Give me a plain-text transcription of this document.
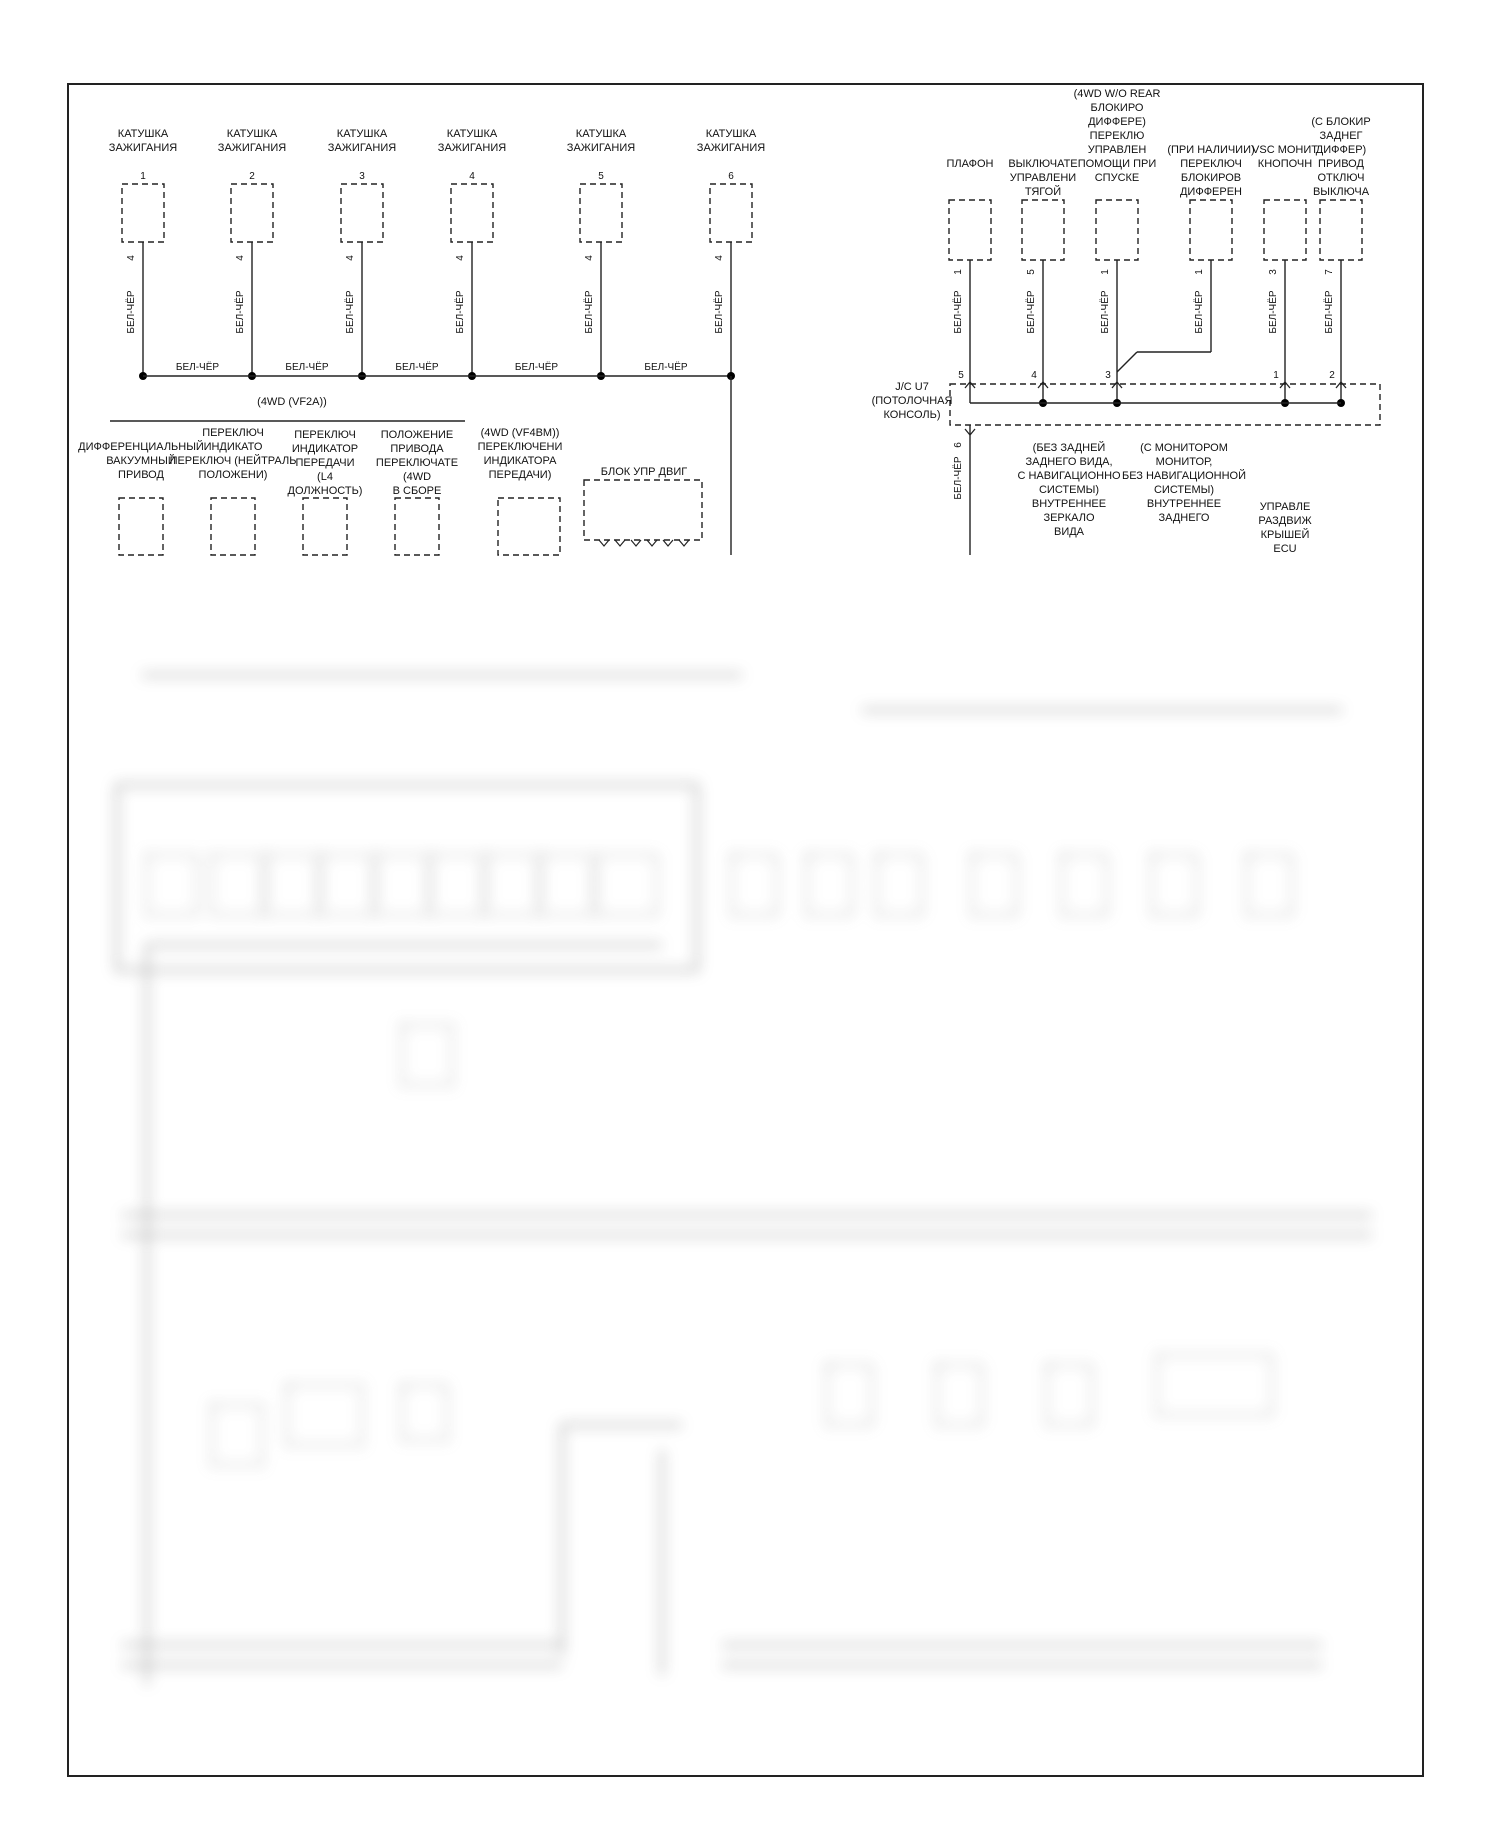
КАТУШКА
ЗАЖИГАНИЯ
1
4
БЕЛ-ЧЁР
КАТУШКА
ЗАЖИГАНИЯ
2
4
БЕЛ-ЧЁР
КАТУШКА
ЗАЖИГАНИЯ
3
4
БЕЛ-ЧЁР
КАТУШКА
ЗАЖИГАНИЯ
4
4
БЕЛ-ЧЁР
КАТУШКА
ЗАЖИГАНИЯ
5
4
БЕЛ-ЧЁР
КАТУШКА
ЗАЖИГАНИЯ
6
4
БЕЛ-ЧЁР
БЕЛ-ЧЁР	БЕЛ-ЧЁР	БЕЛ-ЧЁР	БЕЛ-ЧЁР	БЕЛ-ЧЁР
ПЛАФОН
1
БЕЛ-ЧЁР
5
ВЫКЛЮЧАТЕ
УПРАВЛЕНИ
ТЯГОЙ
5
БЕЛ-ЧЁР
4
(4WD W/O REAR
БЛОКИРО
ДИФФЕРЕ)
ПЕРЕКЛЮ
УПРАВЛЕН
ПОМОЩИ ПРИ
СПУСКЕ
1
БЕЛ-ЧЁР
3
(ПРИ НАЛИЧИИ)
ПЕРЕКЛЮЧ
БЛОКИРОВ
ДИФФЕРЕН
1
БЕЛ-ЧЁР
VSC МОНИТ
КНОПОЧН
3
БЕЛ-ЧЁР
1
(С БЛОКИР
ЗАДНЕГ
ДИФФЕР)
ПРИВОД
ОТКЛЮЧ
ВЫКЛЮЧА
7
БЕЛ-ЧЁР
2
J/C U7
(ПОТОЛОЧНАЯ
КОНСОЛЬ)
6
БЕЛ-ЧЁР
(4WD (VF2A))
ДИФФЕРЕНЦИАЛЬНЫЙ
ВАКУУМНЫЙ
ПРИВОД
ПЕРЕКЛЮЧ
ИНДИКАТО
ПЕРЕКЛЮЧ (НЕЙТРАЛЬ
ПОЛОЖЕНИ)
ПЕРЕКЛЮЧ
ИНДИКАТОР
ПЕРЕДАЧИ
(L4
ДОЛЖНОСТЬ)
ПОЛОЖЕНИЕ
ПРИВОДА
ПЕРЕКЛЮЧАТЕ
(4WD
В СБОРЕ
(4WD (VF4BM))
ПЕРЕКЛЮЧЕНИ
ИНДИКАТОРА
ПЕРЕДАЧИ)	БЛОК УПР ДВИГ
(БЕЗ ЗАДНЕЙ
ЗАДНЕГО ВИДА,
С НАВИГАЦИОННО
СИСТЕМЫ)
ВНУТРЕННЕЕ
ЗЕРКАЛО
ВИДА
(С МОНИТОРОМ
МОНИТОР,
БЕЗ НАВИГАЦИОННОЙ
СИСТЕМЫ)
ВНУТРЕННЕЕ
ЗАДНЕГО
УПРАВЛЕ
РАЗДВИЖ
КРЫШЕЙ
ECU
